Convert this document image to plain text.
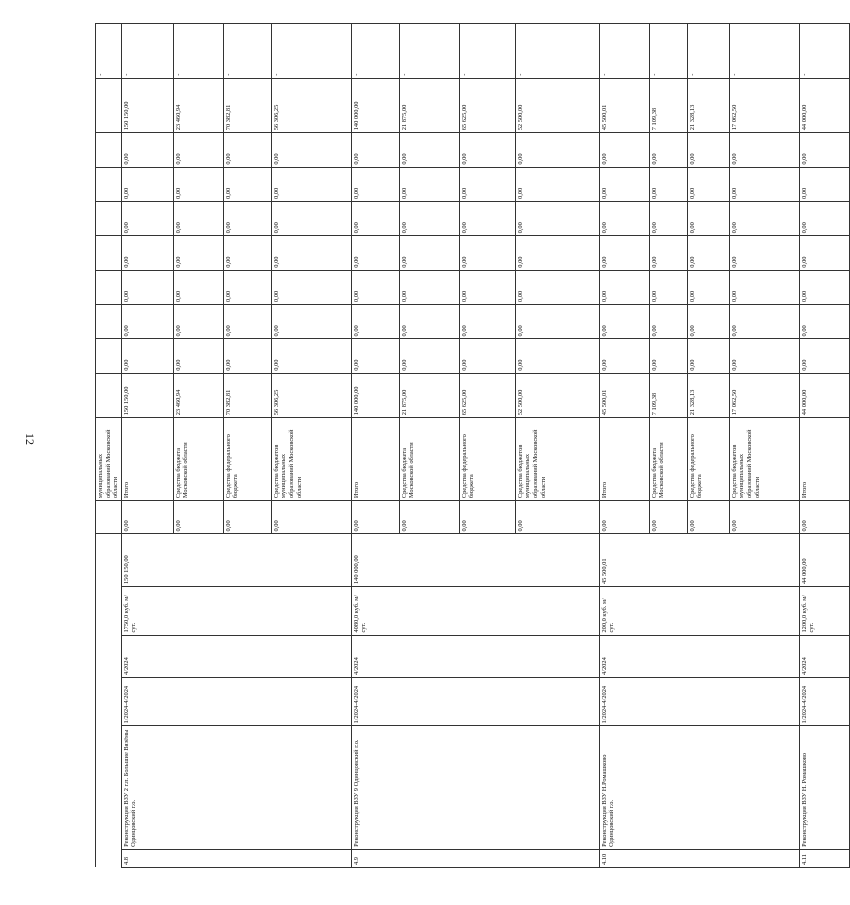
12
							муниципальных образований Московской области										-
4.8	Реконструкция ВЗУ 2 г.п. Большие Вязёмы Одинцовский г.о.	1/2024-4/2024	4/2024	1750,0 куб. м/сут.	150 150,00	0,00	Итого	150 150,00	0,00	0,00	0,00	0,00	0,00	0,00	0,00	150 150,00	-
						0,00	Средства бюджета Московской области	23 460,94	0,00	0,00	0,00	0,00	0,00	0,00	0,00	23 460,94	-
						0,00	Средства федерального бюджета	70 382,81	0,00	0,00	0,00	0,00	0,00	0,00	0,00	70 382,81	-
						0,00	Средства бюджетов муниципальных образований Московской области	56 306,25	0,00	0,00	0,00	0,00	0,00	0,00	0,00	56 306,25	-
4.9	Реконструкция ВЗУ 9 Одинцовский г.о.	1/2024-4/2024	4/2024	4080,0 куб. м/сут.	140 000,00	0,00	Итого	140 000,00	0,00	0,00	0,00	0,00	0,00	0,00	0,00	140 000,00	-
						0,00	Средства бюджета Московской области	21 875,00	0,00	0,00	0,00	0,00	0,00	0,00	0,00	21 875,00	-
						0,00	Средства федерального бюджета	65 625,00	0,00	0,00	0,00	0,00	0,00	0,00	0,00	65 625,00	-
						0,00	Средства бюджетов муниципальных образований Московской области	52 500,00	0,00	0,00	0,00	0,00	0,00	0,00	0,00	52 500,00	-
4.10	Реконструкция ВЗУ Н.Ромашково Одинцовский г.о.	1/2024-4/2024	4/2024	200,0 куб. м/сут.	45 500,01	0,00	Итого	45 500,01	0,00	0,00	0,00	0,00	0,00	0,00	0,00	45 500,01	-
						0,00	Средства бюджета Московской области	7 109,38	0,00	0,00	0,00	0,00	0,00	0,00	0,00	7 109,38	-
						0,00	Средства федерального бюджета	21 328,13	0,00	0,00	0,00	0,00	0,00	0,00	0,00	21 328,13	-
						0,00	Средства бюджетов муниципальных образований Московской области	17 062,50	0,00	0,00	0,00	0,00	0,00	0,00	0,00	17 062,50	-
4.11	Реконструкция ВЗУ Н. Ромашково	1/2024-4/2024	4/2024	1200,0 куб. м/сут.	44 000,00	0,00	Итого	44 000,00	0,00	0,00	0,00	0,00	0,00	0,00	0,00	44 000,00	-
